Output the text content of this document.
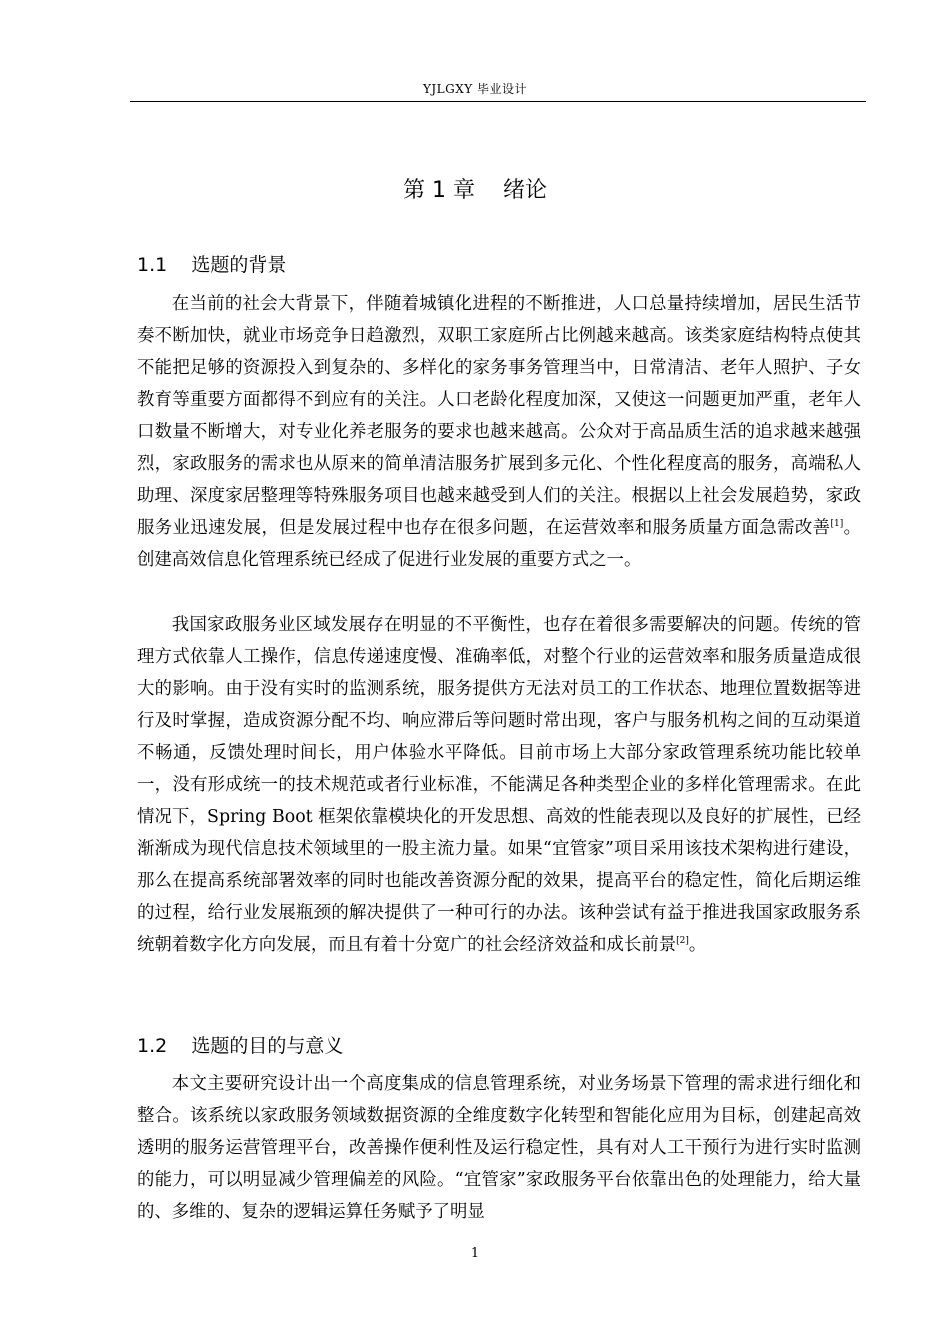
YJLGXY 毕业设计
第 1 章    绪论
1.1    选题的背景

在当前的社会大背景下，伴随着城镇化进程的不断推进，人口总量持续增加，居民生活节奏不断加快，就业市场竞争日趋激烈，双职工家庭所占比例越来越高。该类家庭结构特点使其不能把足够的资源投入到复杂的、多样化的家务事务管理当中，日常清洁、老年人照护、子女教育等重要方面都得不到应有的关注。人口老龄化程度加深，又使这一问题更加严重，老年人口数量不断增大，对专业化养老服务的要求也越来越高。公众对于高品质生活的追求越来越强烈，家政服务的需求也从原来的简单清洁服务扩展到多元化、个性化程度高的服务，高端私人助理、深度家居整理等特殊服务项目也越来越受到人们的关注。根据以上社会发展趋势，家政服务业迅速发展，但是发展过程中也存在很多问题，在运营效率和服务质量方面急需改善[1]。创建高效信息化管理系统已经成了促进行业发展的重要方式之一。

我国家政服务业区域发展存在明显的不平衡性，也存在着很多需要解决的问题。传统的管理方式依靠人工操作，信息传递速度慢、准确率低，对整个行业的运营效率和服务质量造成很大的影响。由于没有实时的监测系统，服务提供方无法对员工的工作状态、地理位置数据等进行及时掌握，造成资源分配不均、响应滞后等问题时常出现，客户与服务机构之间的互动渠道不畅通，反馈处理时间长，用户体验水平降低。目前市场上大部分家政管理系统功能比较单一，没有形成统一的技术规范或者行业标准，不能满足各种类型企业的多样化管理需求。在此情况下，Spring Boot 框架依靠模块化的开发思想、高效的性能表现以及良好的扩展性，已经渐渐成为现代信息技术领域里的一股主流力量。如果“宜管家”项目采用该技术架构进行建设，那么在提高系统部署效率的同时也能改善资源分配的效果，提高平台的稳定性，简化后期运维的过程，给行业发展瓶颈的解决提供了一种可行的办法。该种尝试有益于推进我国家政服务系统朝着数字化方向发展，而且有着十分宽广的社会经济效益和成长前景[2]。

1.2    选题的目的与意义

本文主要研究设计出一个高度集成的信息管理系统，对业务场景下管理的需求进行细化和整合。该系统以家政服务领域数据资源的全维度数字化转型和智能化应用为目标，创建起高效透明的服务运营管理平台，改善操作便利性及运行稳定性，具有对人工干预行为进行实时监测的能力，可以明显减少管理偏差的风险。“宜管家”家政服务平台依靠出色的处理能力，给大量的、多维的、复杂的逻辑运算任务赋予了明显

1
